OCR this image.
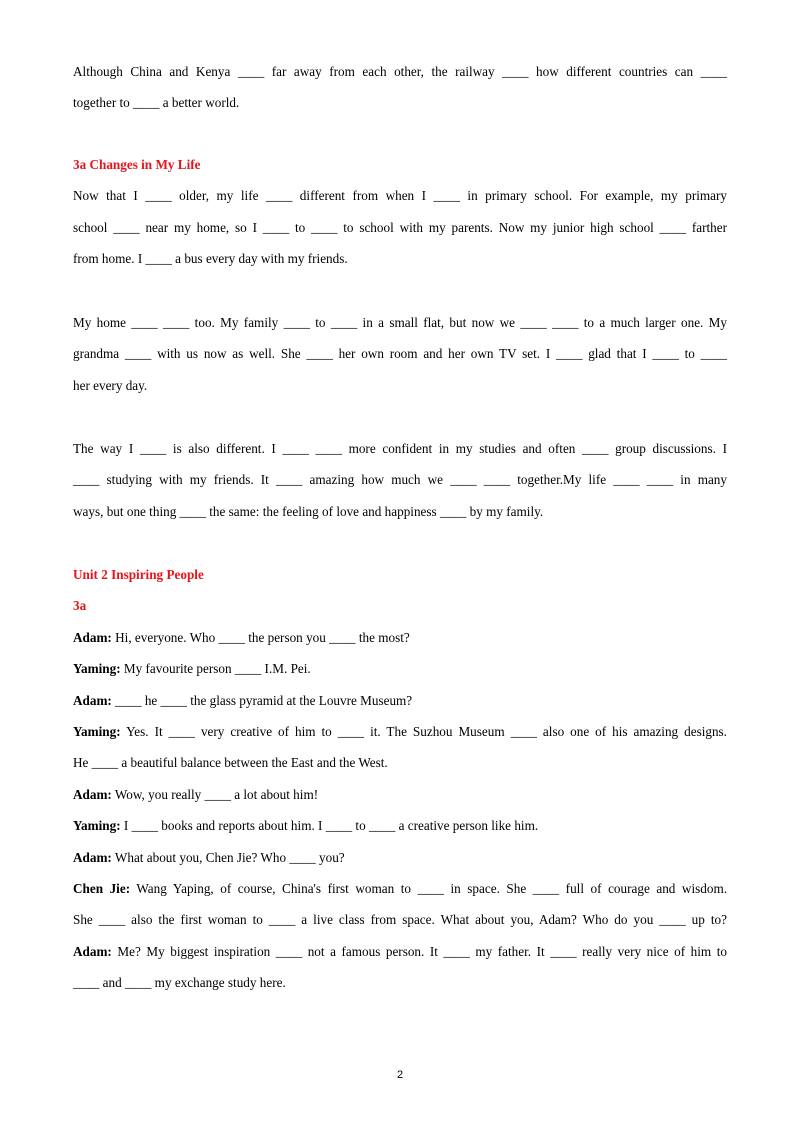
Although China and Kenya ____ far away from each other, the railway ____ how different countries can ____
together to ____ a better world.
3a Changes in My Life
Now that I ____ older, my life ____ different from when I ____ in primary school. For example, my primary
school ____ near my home, so I ____ to ____ to school with my parents. Now my junior high school ____ farther
from home. I ____ a bus every day with my friends.
My home ____ ____ too. My family ____ to ____ in a small flat, but now we ____ ____ to a much larger one. My
grandma ____ with us now as well. She ____ her own room and her own TV set. I ____ glad that I ____ to ____
her every day.
The way I ____ is also different. I ____ ____ more confident in my studies and often ____ group discussions. I
____ studying with my friends. It ____ amazing how much we ____ ____ together.My life ____ ____ in many
ways, but one thing ____ the same: the feeling of love and happiness ____ by my family.
Unit 2 Inspiring People
3a
Adam: Hi, everyone. Who ____ the person you ____ the most?
Yaming: My favourite person ____ I.M. Pei.
Adam: ____ he ____ the glass pyramid at the Louvre Museum?
Yaming: Yes. It ____ very creative of him to ____ it. The Suzhou Museum ____ also one of his amazing designs.
He ____ a beautiful balance between the East and the West.
Adam: Wow, you really ____ a lot about him!
Yaming: I ____ books and reports about him. I ____ to ____ a creative person like him.
Adam: What about you, Chen Jie? Who ____ you?
Chen Jie: Wang Yaping, of course, China's first woman to ____ in space. She ____ full of courage and wisdom.
She ____ also the first woman to ____ a live class from space. What about you, Adam? Who do you ____ up to?
Adam: Me? My biggest inspiration ____ not a famous person. It ____ my father. It ____ really very nice of him to
____ and ____ my exchange study here.
2
